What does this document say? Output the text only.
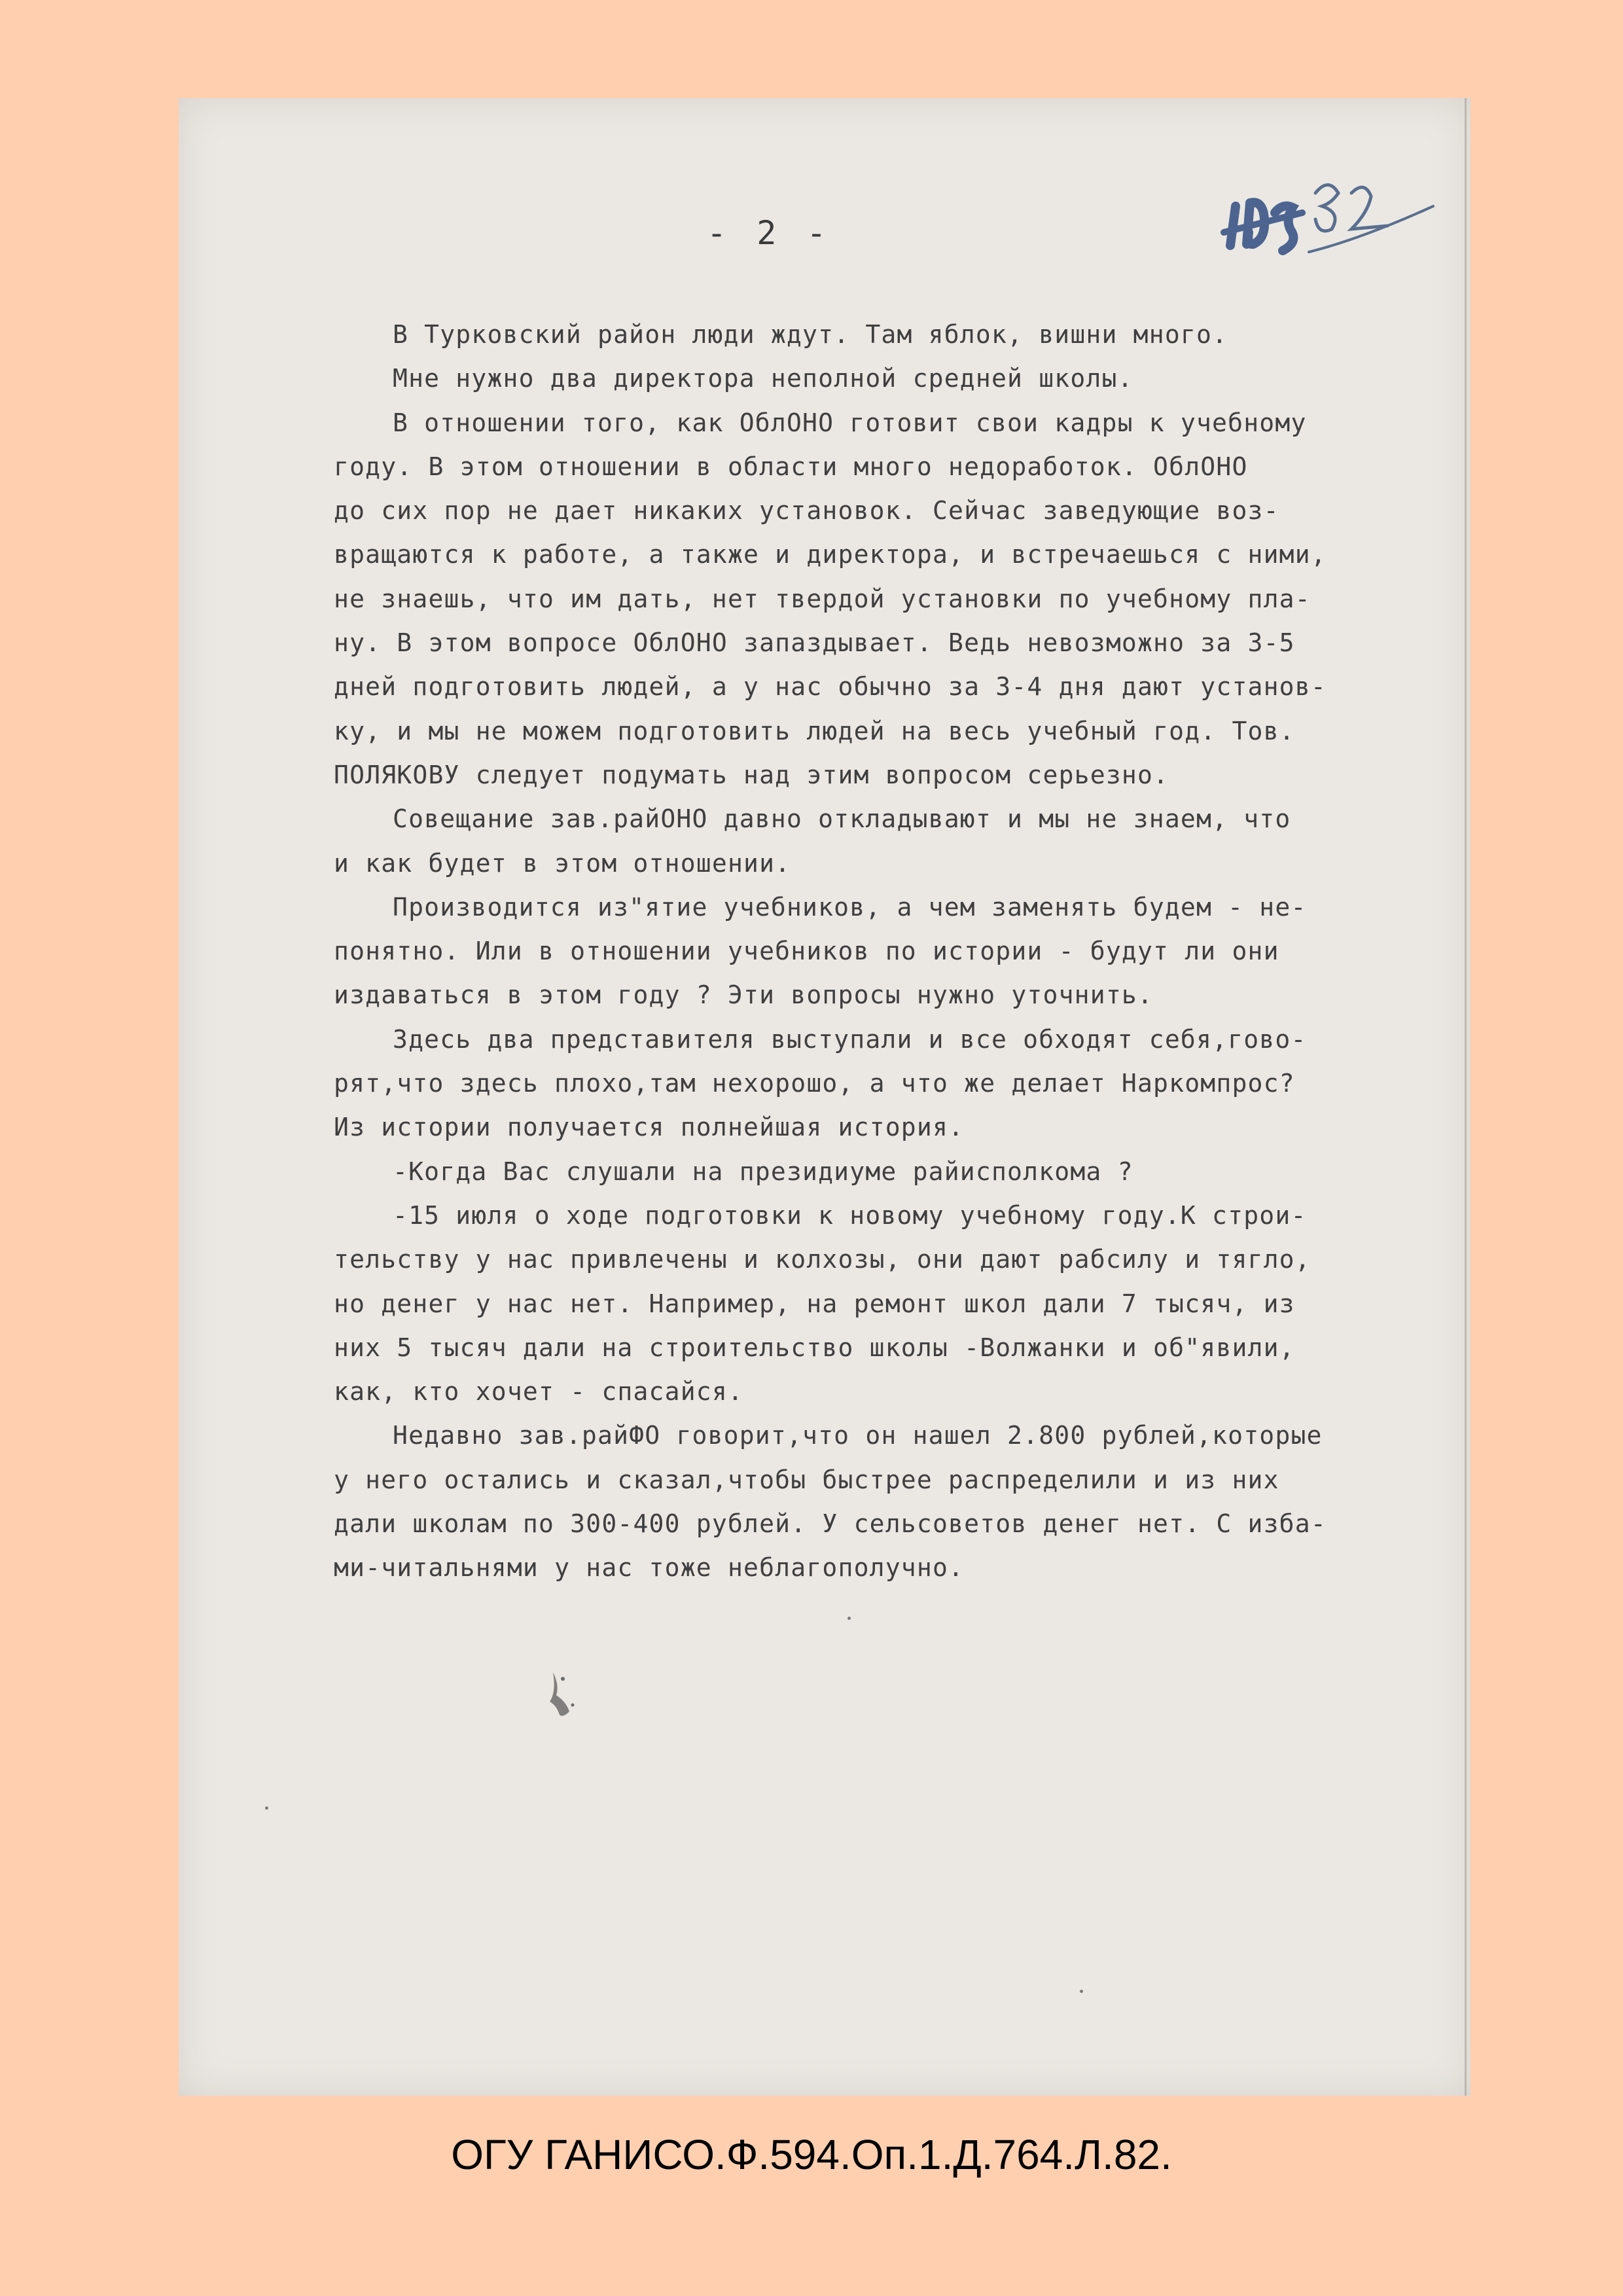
- 2 -
В Турковский район люди ждут. Там яблок, вишни много.
Мне нужно два директора неполной средней школы.
В отношении того, как ОблОНО готовит свои кадры к учебному
году. В этом отношении в области много недоработок. ОблОНО
до сих пор не дает никаких установок. Сейчас заведующие воз-
вращаются к работе, а также и директора, и встречаешься с ними,
не знаешь, что им дать, нет твердой установки по учебному пла-
ну. В этом вопросе ОблОНО запаздывает. Ведь невозможно за 3-5
дней подготовить людей, а у нас обычно за 3-4 дня дают установ-
ку, и мы не можем подготовить людей на весь учебный год. Тов.
ПОЛЯКОВУ следует подумать над этим вопросом серьезно.
Совещание зав.райОНО давно откладывают и мы не знаем, что
и как будет в этом отношении.
Производится из"ятие учебников, а чем заменять будем - не-
понятно. Или в отношении учебников по истории - будут ли они
издаваться в этом году ? Эти вопросы нужно уточнить.
Здесь два представителя выступали и все обходят себя,гово-
рят,что здесь плохо,там нехорошо, а что же делает Наркомпрос?
Из истории получается полнейшая история.
-Когда Вас слушали на президиуме райисполкома ?
-15 июля о ходе подготовки к новому учебному году.К строи-
тельству у нас привлечены и колхозы, они дают рабсилу и тягло,
но денег у нас нет. Например, на ремонт школ дали 7 тысяч, из
них 5 тысяч дали на строительство школы -Волжанки и об"явили,
как, кто хочет - спасайся.
Недавно зав.райФО говорит,что он нашел 2.800 рублей,которые
у него остались и сказал,чтобы быстрее распределили и из них
дали школам по 300-400 рублей. У сельсоветов денег нет. С изба-
ми-читальнями у нас тоже неблагополучно.
ОГУ ГАНИСО.Ф.594.Оп.1.Д.764.Л.82.
